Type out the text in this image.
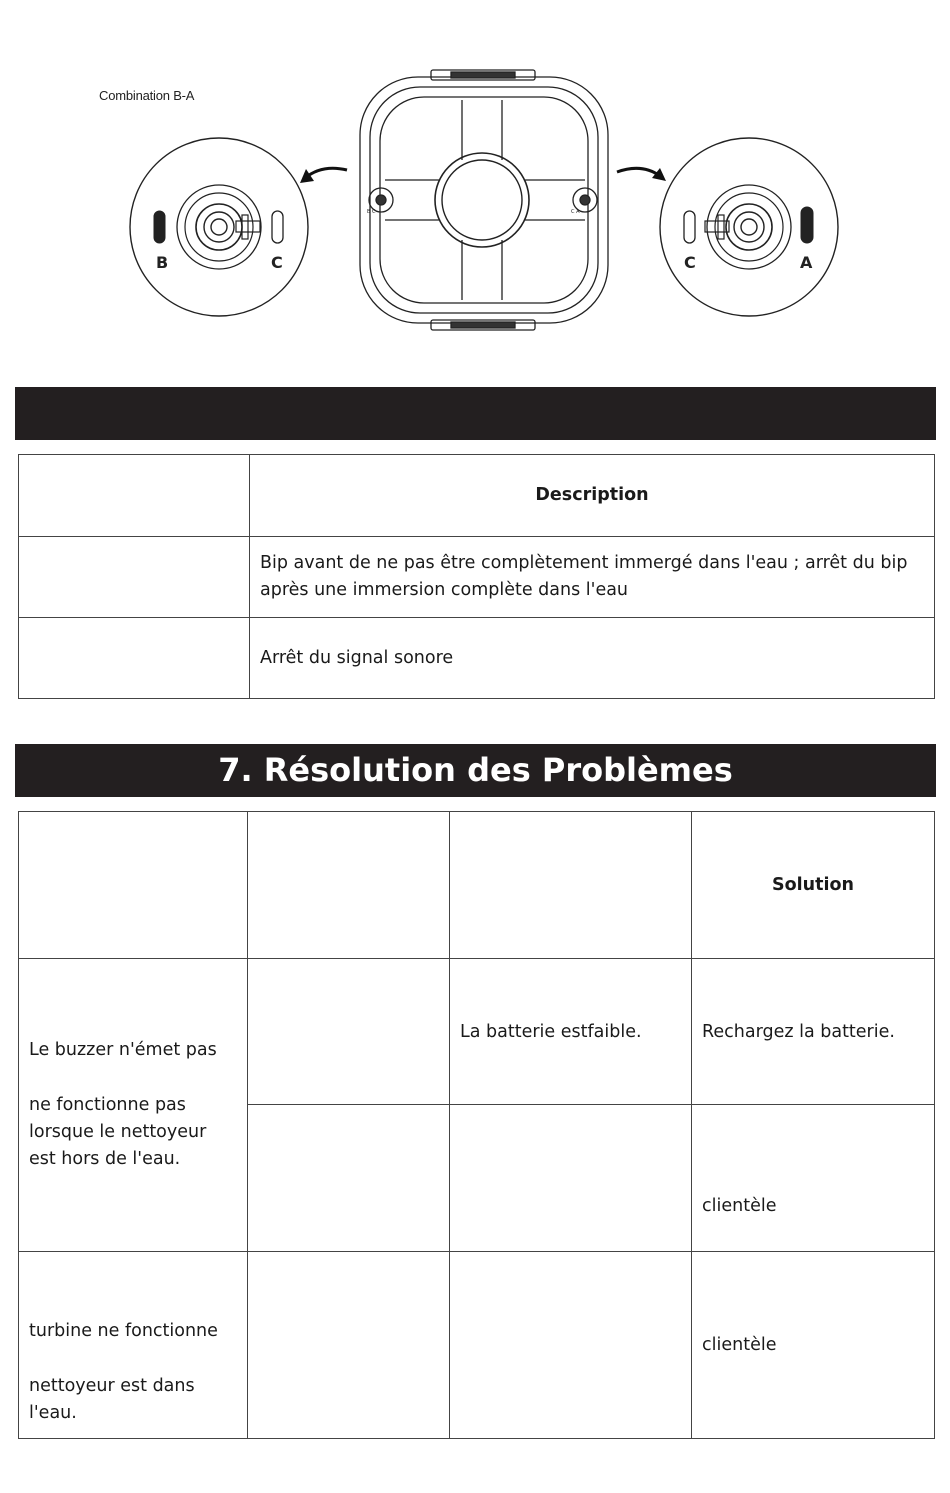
Combination B-A
B	C
B C	C A
C	A
	Description

	Bip avant de ne pas être complètement immergé dans l'eau ; arrêt du bip
après une immersion complète dans l'eau

	Arrêt du signal sonore
7. Résolution des Problèmes
			Solution

Le buzzer n'émet pas
ne fonctionne pas
lorsque le nettoyeur
est hors de l'eau.		La batterie estfaible.	Rechargez la batterie.
			clientèle

turbine ne fonctionne
nettoyeur est dans
l'eau.			clientèle
